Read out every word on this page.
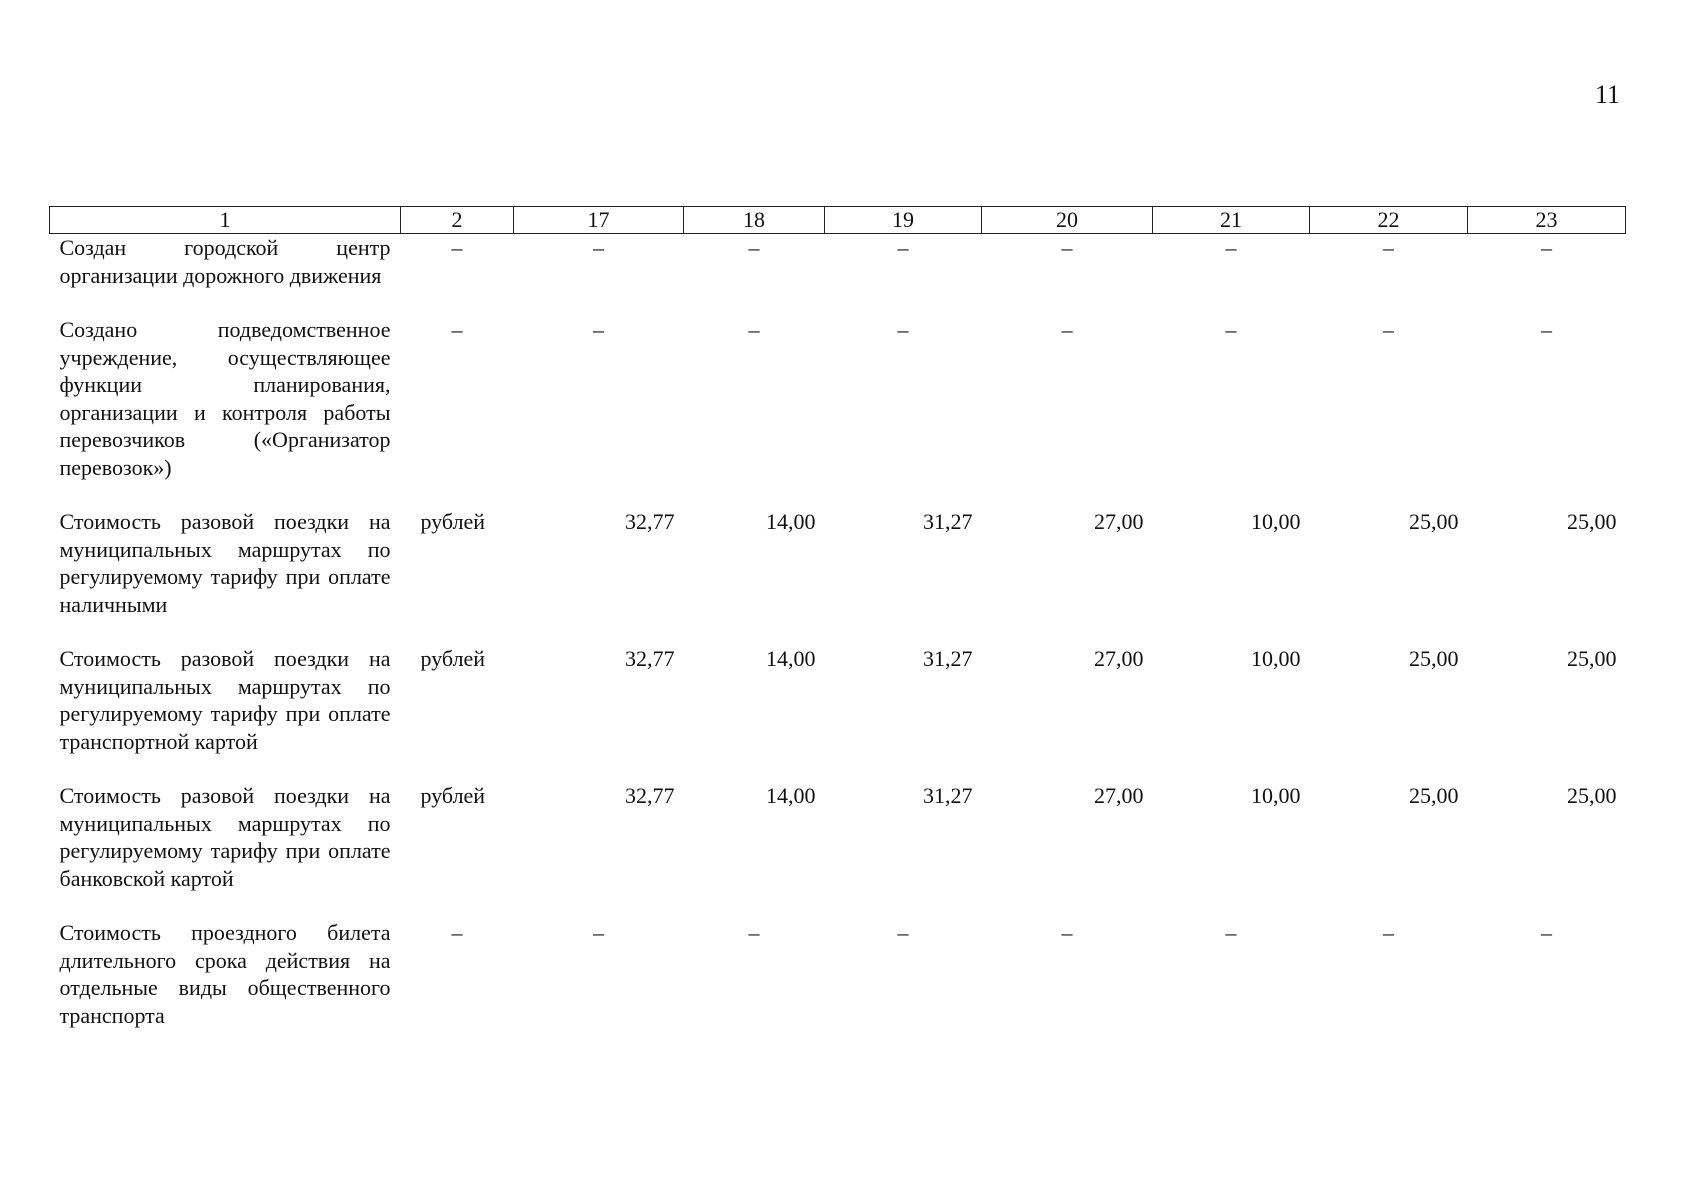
11
1	2	17	18	19	20	21	22	23
Создан городской центр организации дорожного движения	–	–	–	–	–	–	–	–
Создано подведомственное учреждение, осуществляющее функции планирования, организации и контроля работы перевозчиков («Организатор перевозок»)	–	–	–	–	–	–	–	–
Стоимость разовой поездки на муниципальных маршрутах по регулируемому тарифу при оплате наличными	рублей	32,77	14,00	31,27	27,00	10,00	25,00	25,00
Стоимость разовой поездки на муниципальных маршрутах по регулируемому тарифу при оплате транспортной картой	рублей	32,77	14,00	31,27	27,00	10,00	25,00	25,00
Стоимость разовой поездки на муниципальных маршрутах по регулируемому тарифу при оплате банковской картой	рублей	32,77	14,00	31,27	27,00	10,00	25,00	25,00
Стоимость проездного билета длительного срока действия на отдельные виды общественного транспорта	–	–	–	–	–	–	–	–
